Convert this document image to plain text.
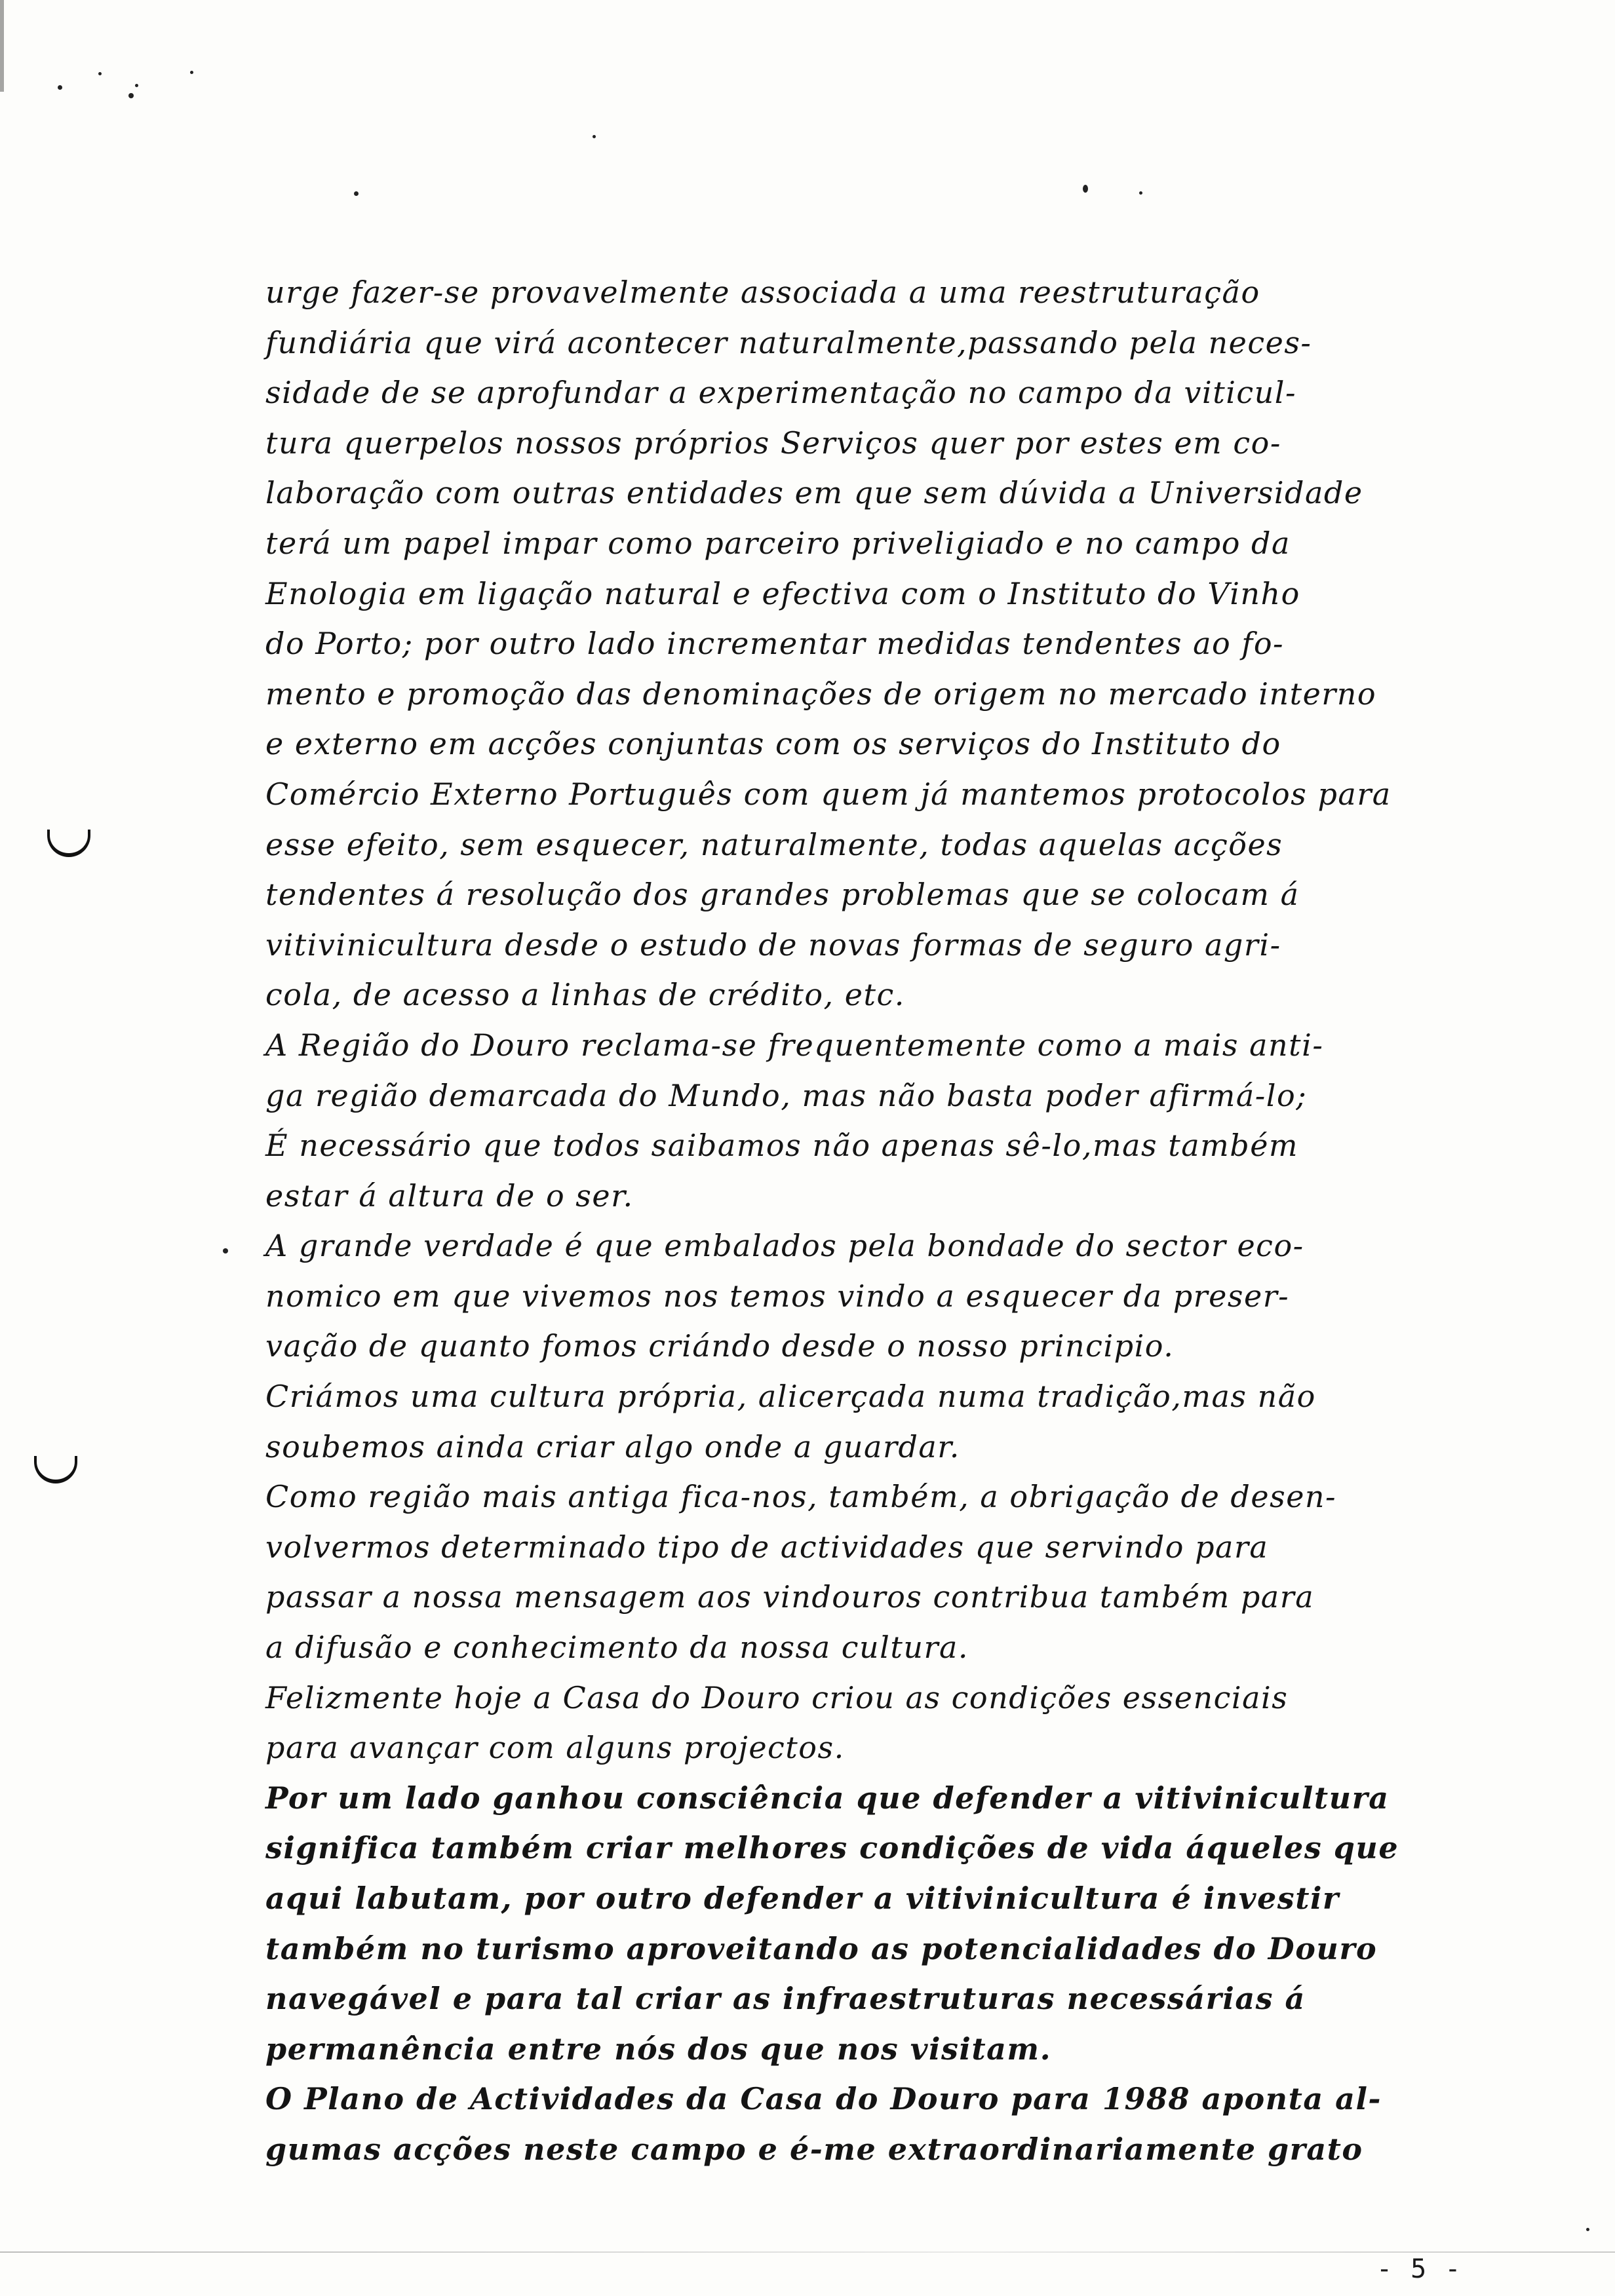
urge fazer-se provavelmente associada a uma reestruturação
fundiária que virá acontecer naturalmente,passando pela neces-
sidade de se aprofundar a experimentação no campo da viticul-
tura querpelos nossos próprios Serviços quer por estes em co-
laboração com outras entidades em que sem dúvida a Universidade
terá um papel impar como parceiro priveligiado e no campo da
Enologia em ligação natural e efectiva com o Instituto do Vinho
do Porto; por outro lado incrementar medidas tendentes ao fo-
mento e promoção das denominações de origem no mercado interno
e externo em acções conjuntas com os serviços do Instituto do
Comércio Externo Português com quem já mantemos protocolos para
esse efeito, sem esquecer, naturalmente, todas aquelas acções
tendentes á resolução dos grandes problemas que se colocam á
vitivinicultura desde o estudo de novas formas de seguro agri-
cola, de acesso a linhas de crédito, etc.
A Região do Douro reclama-se frequentemente como a mais anti-
ga região demarcada do Mundo, mas não basta poder afirmá-lo;
É necessário que todos saibamos não apenas sê-lo,mas também
estar á altura de o ser.
A grande verdade é que embalados pela bondade do sector eco-
nomico em que vivemos nos temos vindo a esquecer da preser-
vação de quanto fomos criándo desde o nosso principio.
Criámos uma cultura própria, alicerçada numa tradição,mas não
soubemos ainda criar algo onde a guardar.
Como região mais antiga fica-nos, também, a obrigação de desen-
volvermos determinado tipo de actividades que servindo para
passar a nossa mensagem aos vindouros contribua também para
a difusão e conhecimento da nossa cultura.
Felizmente hoje a Casa do Douro criou as condições essenciais
para avançar com alguns projectos.
Por um lado ganhou consciência que defender a vitivinicultura
significa também criar melhores condições de vida áqueles que
aqui labutam, por outro defender a vitivinicultura é investir
também no turismo aproveitando as potencialidades do Douro
navegável e para tal criar as infraestruturas necessárias á
permanência entre nós dos que nos visitam.
O Plano de Actividades da Casa do Douro para 1988 aponta al-
gumas acções neste campo e é-me extraordinariamente grato
- 5 -
